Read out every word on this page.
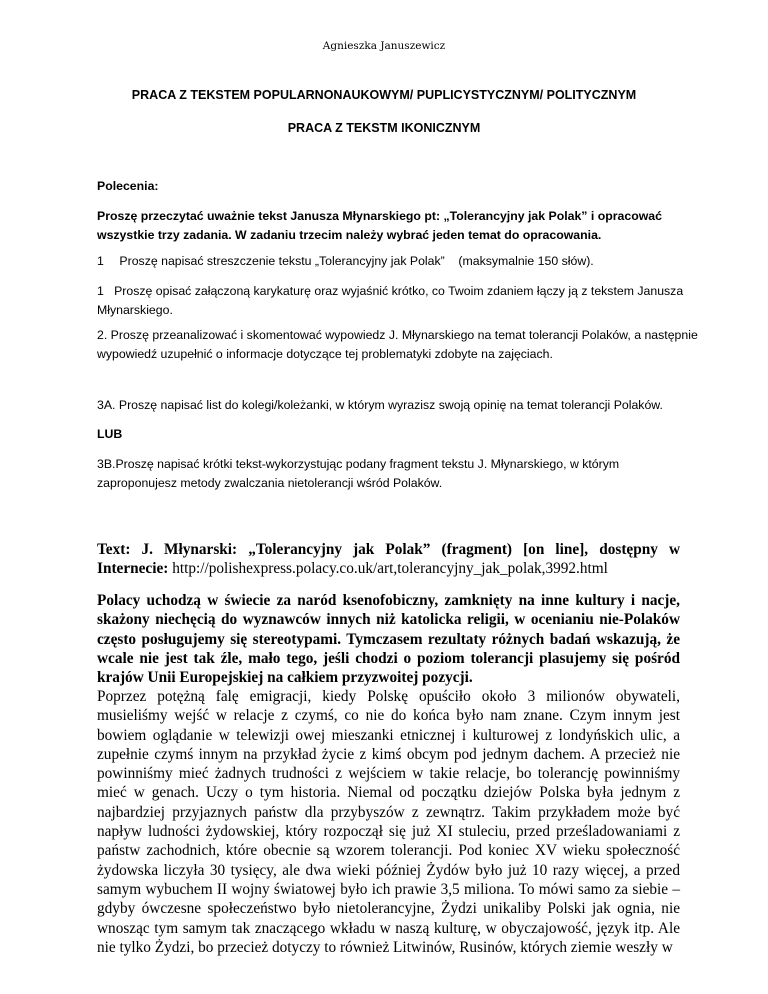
Agnieszka Januszewicz
PRACA Z TEKSTEM POPULARNONAUKOWYM/ PUPLICYSTYCZNYM/ POLITYCZNYM
PRACA Z TEKSTM IKONICZNYM
Polecenia:
Proszę przeczytać uważnie tekst Janusza Młynarskiego pt: „Tolerancyjny jak Polak” i opracować wszystkie trzy zadania. W zadaniu trzecim należy wybrać jeden temat do opracowania.
1 Proszę napisać streszczenie tekstu „Tolerancyjny jak Polak”    (maksymalnie 150 słów).
1 Proszę opisać załączoną karykaturę oraz wyjaśnić krótko, co Twoim zdaniem łączy ją z tekstem Janusza Młynarskiego.
2. Proszę przeanalizować i skomentować wypowiedz J. Młynarskiego na temat tolerancji Polaków, a następnie wypowiedź uzupełnić o informacje dotyczące tej problematyki zdobyte na zajęciach.
3A. Proszę napisać list do kolegi/koleżanki, w którym wyrazisz swoją opinię na temat tolerancji Polaków.
LUB
3B.Proszę napisać krótki tekst-wykorzystując podany fragment tekstu J. Młynarskiego, w którym zaproponujesz metody zwalczania nietolerancji wśród Polaków.
Text: J. Młynarski: „Tolerancyjny jak Polak” (fragment) [on line], dostępny w Internecie: http://polishexpress.polacy.co.uk/art,tolerancyjny_jak_polak,3992.html
Polacy uchodzą w świecie za naród ksenofobiczny, zamknięty na inne kultury i nacje, skażony niechęcią do wyznawców innych niż katolicka religii, w ocenianiu nie-Polaków często posługujemy się stereotypami. Tymczasem rezultaty różnych badań wskazują, że wcale nie jest tak źle, mało tego, jeśli chodzi o poziom tolerancji plasujemy się pośród krajów Unii Europejskiej na całkiem przyzwoitej pozycji.
Poprzez potężną falę emigracji, kiedy Polskę opuściło około 3 milionów obywateli, musieliśmy wejść w relacje z czymś, co nie do końca było nam znane. Czym innym jest bowiem oglądanie w telewizji owej mieszanki etnicznej i kulturowej z londyńskich ulic, a zupełnie czymś innym na przykład życie z kimś obcym pod jednym dachem. A przecież nie powinniśmy mieć żadnych trudności z wejściem w takie relacje, bo tolerancję powinniśmy mieć w genach. Uczy o tym historia. Niemal od początku dziejów Polska była jednym z najbardziej przyjaznych państw dla przybyszów z zewnątrz. Takim przykładem może być napływ ludności żydowskiej, który rozpoczął się już XI stuleciu, przed prześladowaniami z państw zachodnich, które obecnie są wzorem tolerancji. Pod koniec XV wieku społeczność żydowska liczyła 30 tysięcy, ale dwa wieki później Żydów było już 10 razy więcej, a przed samym wybuchem II wojny światowej było ich prawie 3,5 miliona. To mówi samo za siebie – gdyby ówczesne społeczeństwo było nietolerancyjne, Żydzi unikaliby Polski jak ognia, nie wnosząc tym samym tak znaczącego wkładu w naszą kulturę, w obyczajowość, język itp. Ale nie tylko Żydzi, bo przecież dotyczy to również Litwinów, Rusinów, których ziemie weszły w
